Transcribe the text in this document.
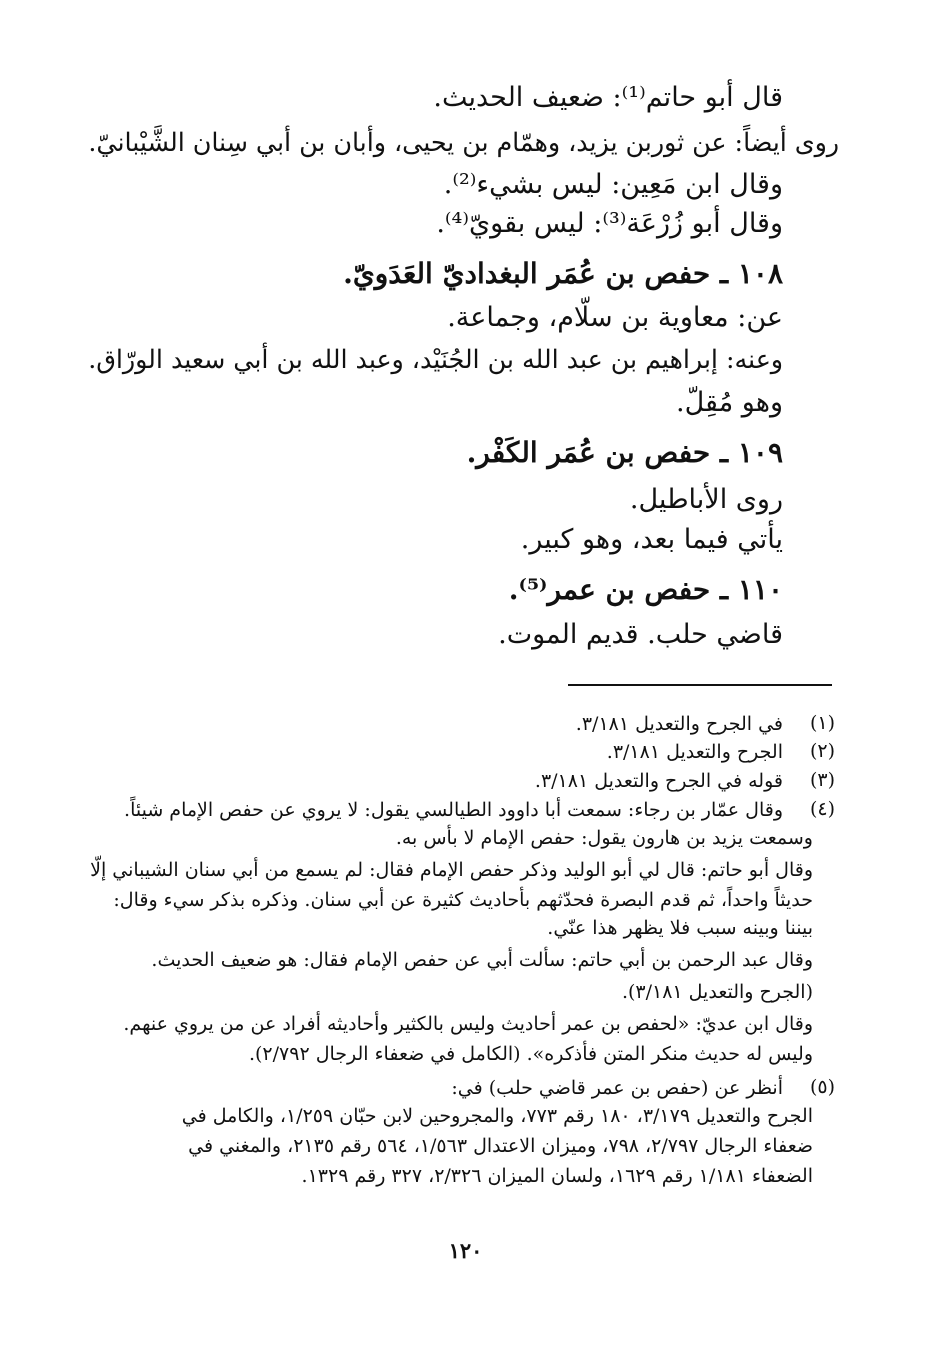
قال أبو حاتم⁽¹⁾: ضعيف الحديث.
روى أيضاً: عن ثوربن يزيد، وهمّام بن يحيى، وأبان بن أبي سِنان الشَّيْبانيّ.
وقال ابن مَعِين: ليس بشيء⁽²⁾.
وقال أبو زُرْعَة⁽³⁾: ليس بقويّ⁽⁴⁾.
١٠٨ ـ حفص بن عُمَر البغداديّ العَدَويّ.
عن: معاوية بن سلّام، وجماعة.
وعنه: إبراهيم بن عبد الله بن الجُنَيْد، وعبد الله بن أبي سعيد الورّاق.
وهو مُقِلّ.
١٠٩ ـ حفص بن عُمَر الكَفْر.
روى الأباطيل.
يأتي فيما بعد، وهو كبير.
١١٠ ـ حفص بن عمر⁽⁵⁾.
قاضي حلب. قديم الموت.
(١)
(٢)
(٣)
(٤)
(٥)
في الجرح والتعديل ٣/١٨١.
الجرح والتعديل ٣/١٨١.
قوله في الجرح والتعديل ٣/١٨١.
وقال عمّار بن رجاء: سمعت أبا داوود الطيالسي يقول: لا يروي عن حفص الإمام شيئاً.
وسمعت يزيد بن هارون يقول: حفص الإمام لا بأس به.
وقال أبو حاتم: قال لي أبو الوليد وذكر حفص الإمام فقال: لم يسمع من أبي سنان الشيباني إلّا
حديثاً واحداً، ثم قدم البصرة فحدّثهم بأحاديث كثيرة عن أبي سنان. وذكره بذكر سيء وقال:
بيننا وبينه سبب فلا يظهر هذا عنّي.
وقال عبد الرحمن بن أبي حاتم: سألت أبي عن حفص الإمام فقال: هو ضعيف الحديث.
(الجرح والتعديل ٣/١٨١).
وقال ابن عديّ: «لحفص بن عمر أحاديث وليس بالكثير وأحاديثه أفراد عن من يروي عنهم.
وليس له حديث منكر المتن فأذكره». (الكامل في ضعفاء الرجال ٢/٧٩٢).
أنظر عن (حفص بن عمر قاضي حلب) في:
الجرح والتعديل ٣/١٧٩، ١٨٠ رقم ٧٧٣، والمجروحين لابن حبّان ١/٢٥٩، والكامل في
ضعفاء الرجال ٢/٧٩٧، ٧٩٨، وميزان الاعتدال ١/٥٦٣، ٥٦٤ رقم ٢١٣٥، والمغني في
الضعفاء ١/١٨١ رقم ١٦٢٩، ولسان الميزان ٢/٣٢٦، ٣٢٧ رقم ١٣٢٩.
١٢٠
